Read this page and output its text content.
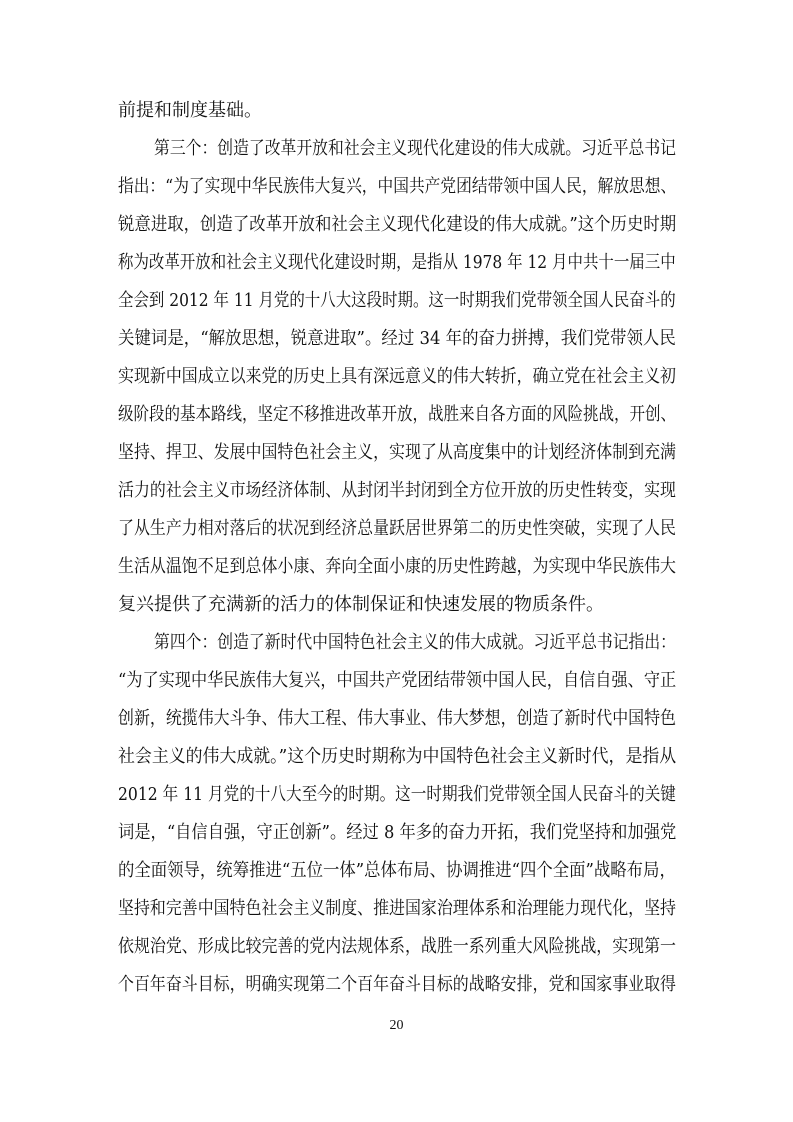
前提和制度基础。
第三个：创造了改革开放和社会主义现代化建设的伟大成就。习近平总书记
指出：“为了实现中华民族伟大复兴，中国共产党团结带领中国人民，解放思想、
锐意进取，创造了改革开放和社会主义现代化建设的伟大成就。”这个历史时期
称为改革开放和社会主义现代化建设时期，是指从 1978 年 12 月中共十一届三中
全会到 2012 年 11 月党的十八大这段时期。这一时期我们党带领全国人民奋斗的
关键词是，“解放思想，锐意进取”。经过 34 年的奋力拼搏，我们党带领人民
实现新中国成立以来党的历史上具有深远意义的伟大转折，确立党在社会主义初
级阶段的基本路线，坚定不移推进改革开放，战胜来自各方面的风险挑战，开创、
坚持、捍卫、发展中国特色社会主义，实现了从高度集中的计划经济体制到充满
活力的社会主义市场经济体制、从封闭半封闭到全方位开放的历史性转变，实现
了从生产力相对落后的状况到经济总量跃居世界第二的历史性突破，实现了人民
生活从温饱不足到总体小康、奔向全面小康的历史性跨越，为实现中华民族伟大
复兴提供了充满新的活力的体制保证和快速发展的物质条件。
第四个：创造了新时代中国特色社会主义的伟大成就。习近平总书记指出：
“为了实现中华民族伟大复兴，中国共产党团结带领中国人民，自信自强、守正
创新，统揽伟大斗争、伟大工程、伟大事业、伟大梦想，创造了新时代中国特色
社会主义的伟大成就。”这个历史时期称为中国特色社会主义新时代，是指从
2012 年 11 月党的十八大至今的时期。这一时期我们党带领全国人民奋斗的关键
词是，“自信自强，守正创新”。经过 8 年多的奋力开拓，我们党坚持和加强党
的全面领导，统筹推进“五位一体”总体布局、协调推进“四个全面”战略布局，
坚持和完善中国特色社会主义制度、推进国家治理体系和治理能力现代化，坚持
依规治党、形成比较完善的党内法规体系，战胜一系列重大风险挑战，实现第一
个百年奋斗目标，明确实现第二个百年奋斗目标的战略安排，党和国家事业取得
20
